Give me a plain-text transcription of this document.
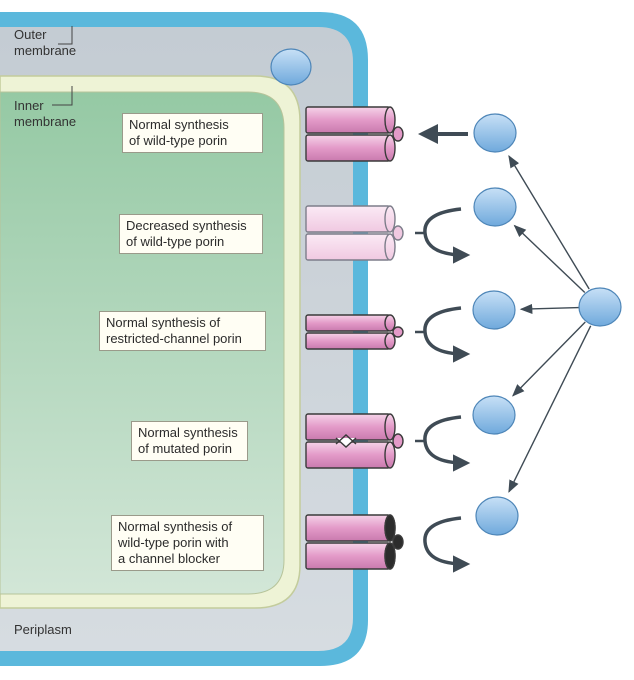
Outer
membrane
Inner
membrane
Periplasm
Normal synthesis
of wild-type porin
Decreased synthesis
of wild-type porin
Normal synthesis of
restricted-channel porin
Normal synthesis
of mutated porin
Normal synthesis of
wild-type porin with
a channel blocker
